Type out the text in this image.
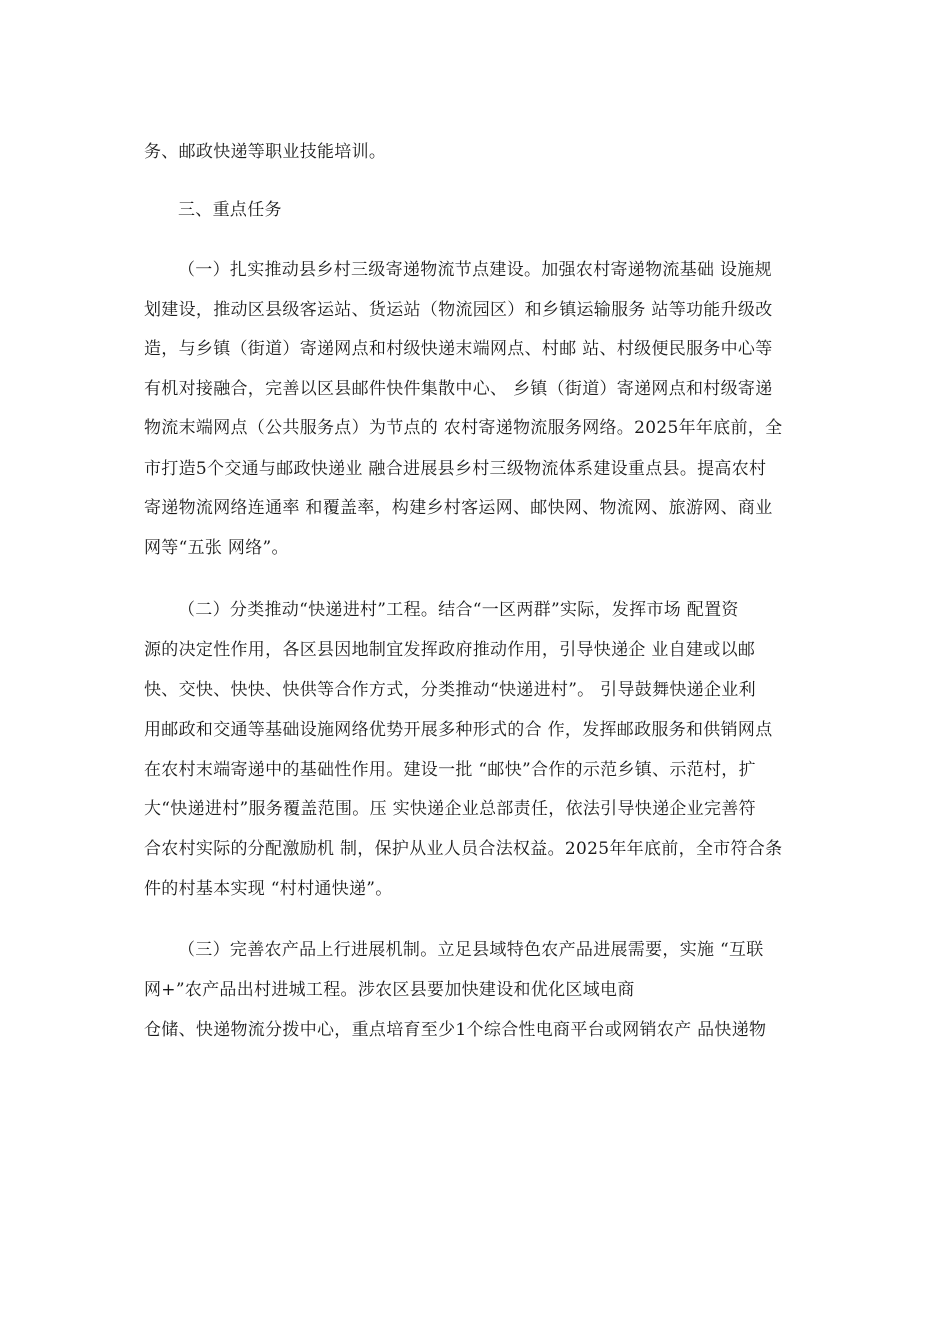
务、邮政快递等职业技能培训。
三、重点任务
（一）扎实推动县乡村三级寄递物流节点建设。加强农村寄递物流基础 设施规
划建设，推动区县级客运站、货运站（物流园区）和乡镇运输服务 站等功能升级改
造，与乡镇（街道）寄递网点和村级快递末端网点、村邮 站、村级便民服务中心等
有机对接融合，完善以区县邮件快件集散中心、 乡镇（街道）寄递网点和村级寄递
物流末端网点（公共服务点）为节点的 农村寄递物流服务网络。2025年年底前，全
市打造5个交通与邮政快递业 融合进展县乡村三级物流体系建设重点县。提高农村
寄递物流网络连通率 和覆盖率，构建乡村客运网、邮快网、物流网、旅游网、商业
网等“五张 网络”。
（二）分类推动“快递进村”工程。结合“一区两群”实际，发挥市场 配置资
源的决定性作用，各区县因地制宜发挥政府推动作用，引导快递企 业自建或以邮
快、交快、快快、快供等合作方式，分类推动“快递进村”。 引导鼓舞快递企业利
用邮政和交通等基础设施网络优势开展多种形式的合 作，发挥邮政服务和供销网点
在农村末端寄递中的基础性作用。建设一批 “邮快”合作的示范乡镇、示范村，扩
大“快递进村”服务覆盖范围。压 实快递企业总部责任，依法引导快递企业完善符
合农村实际的分配激励机 制，保护从业人员合法权益。2025年年底前，全市符合条
件的村基本实现 “村村通快递”。
（三）完善农产品上行进展机制。立足县域特色农产品进展需要，实施 “互联
网+”农产品出村进城工程。涉农区县要加快建设和优化区域电商
仓储、快递物流分拨中心，重点培育至少1个综合性电商平台或网销农产 品快递物
